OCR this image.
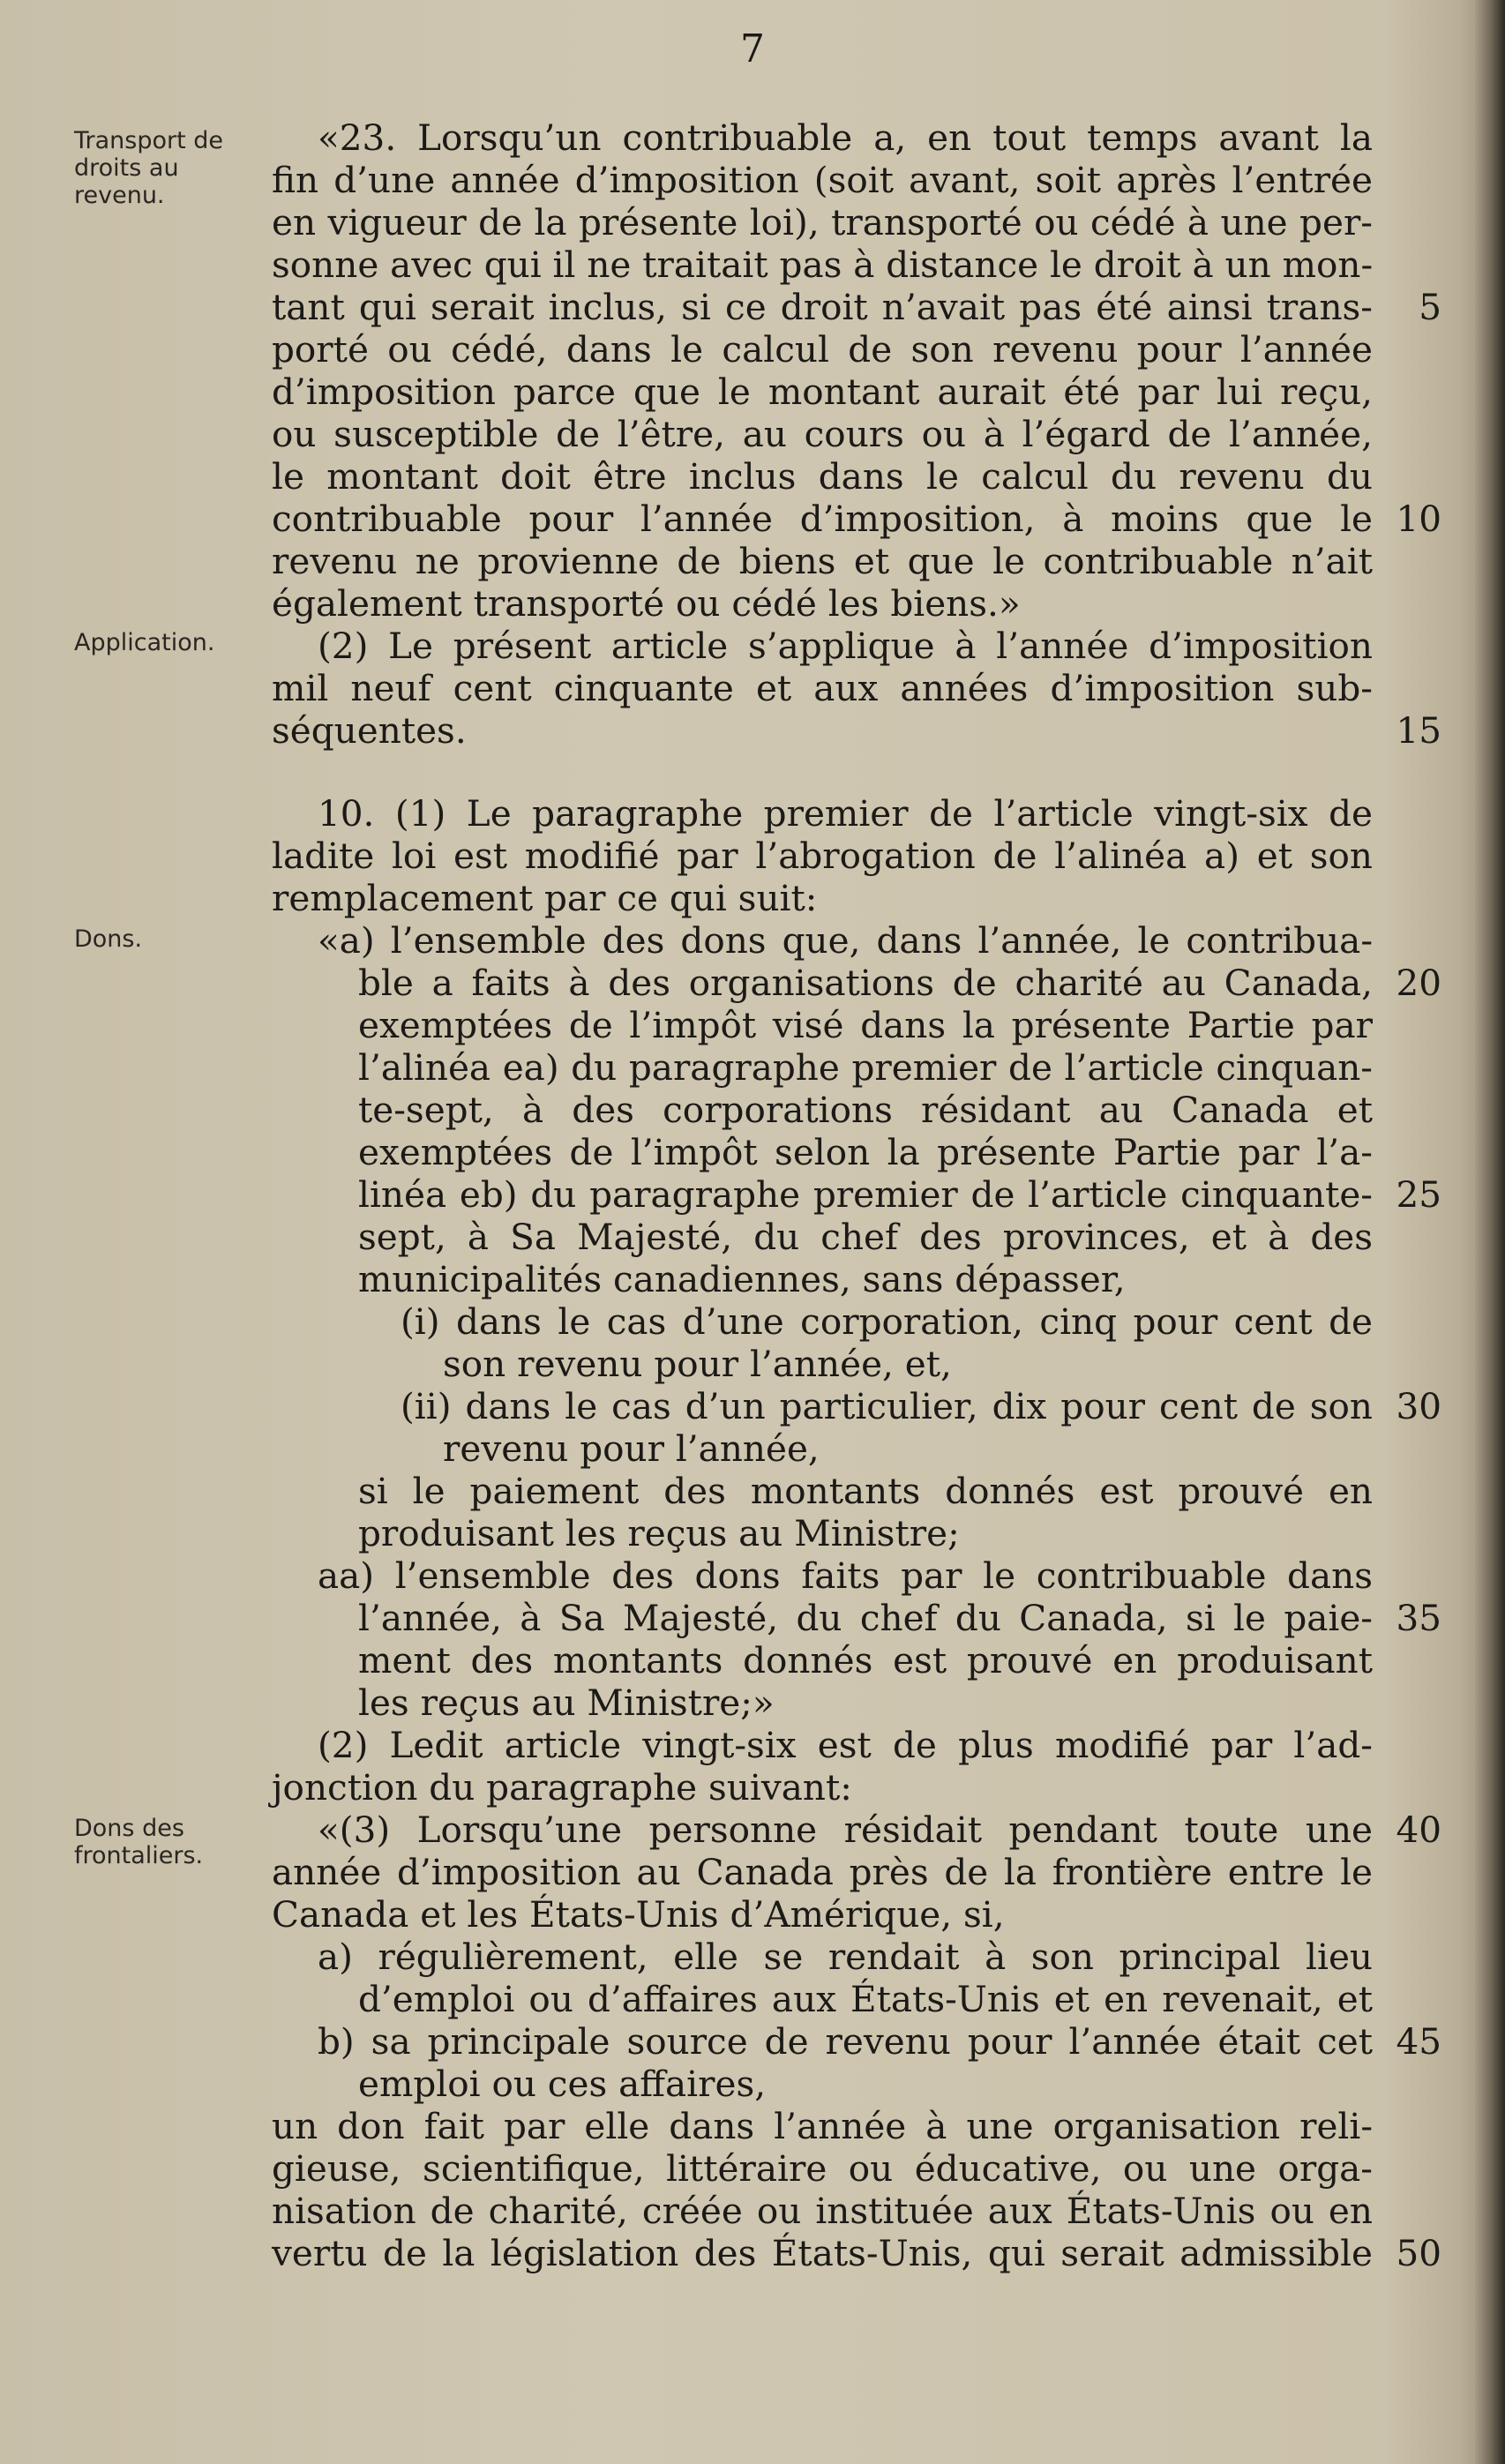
7
Transport de droits au revenu.
Application.
Dons.
Dons des frontaliers.
«23. Lorsqu’un contribuable a, en tout temps avant la
fin d’une année d’imposition (soit avant, soit après l’entrée
en vigueur de la présente loi), transporté ou cédé à une per-
sonne avec qui il ne traitait pas à distance le droit à un mon-
tant qui serait inclus, si ce droit n’avait pas été ainsi trans-
porté ou cédé, dans le calcul de son revenu pour l’année
d’imposition parce que le montant aurait été par lui reçu,
ou susceptible de l’être, au cours ou à l’égard de l’année,
le montant doit être inclus dans le calcul du revenu du
contribuable pour l’année d’imposition, à moins que le
revenu ne provienne de biens et que le contribuable n’ait
également transporté ou cédé les biens.»
(2) Le présent article s’applique à l’année d’imposition
mil neuf cent cinquante et aux années d’imposition sub-
séquentes.
10. (1) Le paragraphe premier de l’article vingt-six de
ladite loi est modifié par l’abrogation de l’alinéa a) et son
remplacement par ce qui suit:
«a) l’ensemble des dons que, dans l’année, le contribua-
ble a faits à des organisations de charité au Canada,
exemptées de l’impôt visé dans la présente Partie par
l’alinéa ea) du paragraphe premier de l’article cinquan-
te-sept, à des corporations résidant au Canada et
exemptées de l’impôt selon la présente Partie par l’a-
linéa eb) du paragraphe premier de l’article cinquante-
sept, à Sa Majesté, du chef des provinces, et à des
municipalités canadiennes, sans dépasser,
(i) dans le cas d’une corporation, cinq pour cent de
son revenu pour l’année, et,
(ii) dans le cas d’un particulier, dix pour cent de son
revenu pour l’année,
si le paiement des montants donnés est prouvé en
produisant les reçus au Ministre;
aa) l’ensemble des dons faits par le contribuable dans
l’année, à Sa Majesté, du chef du Canada, si le paie-
ment des montants donnés est prouvé en produisant
les reçus au Ministre;»
(2) Ledit article vingt-six est de plus modifié par l’ad-
jonction du paragraphe suivant:
«(3) Lorsqu’une personne résidait pendant toute une
année d’imposition au Canada près de la frontière entre le
Canada et les États-Unis d’Amérique, si,
a) régulièrement, elle se rendait à son principal lieu
d’emploi ou d’affaires aux États-Unis et en revenait, et
b) sa principale source de revenu pour l’année était cet
emploi ou ces affaires,
un don fait par elle dans l’année à une organisation reli-
gieuse, scientifique, littéraire ou éducative, ou une orga-
nisation de charité, créée ou instituée aux États-Unis ou en
vertu de la législation des États-Unis, qui serait admissible
5
10
15
20
25
30
35
40
45
50
